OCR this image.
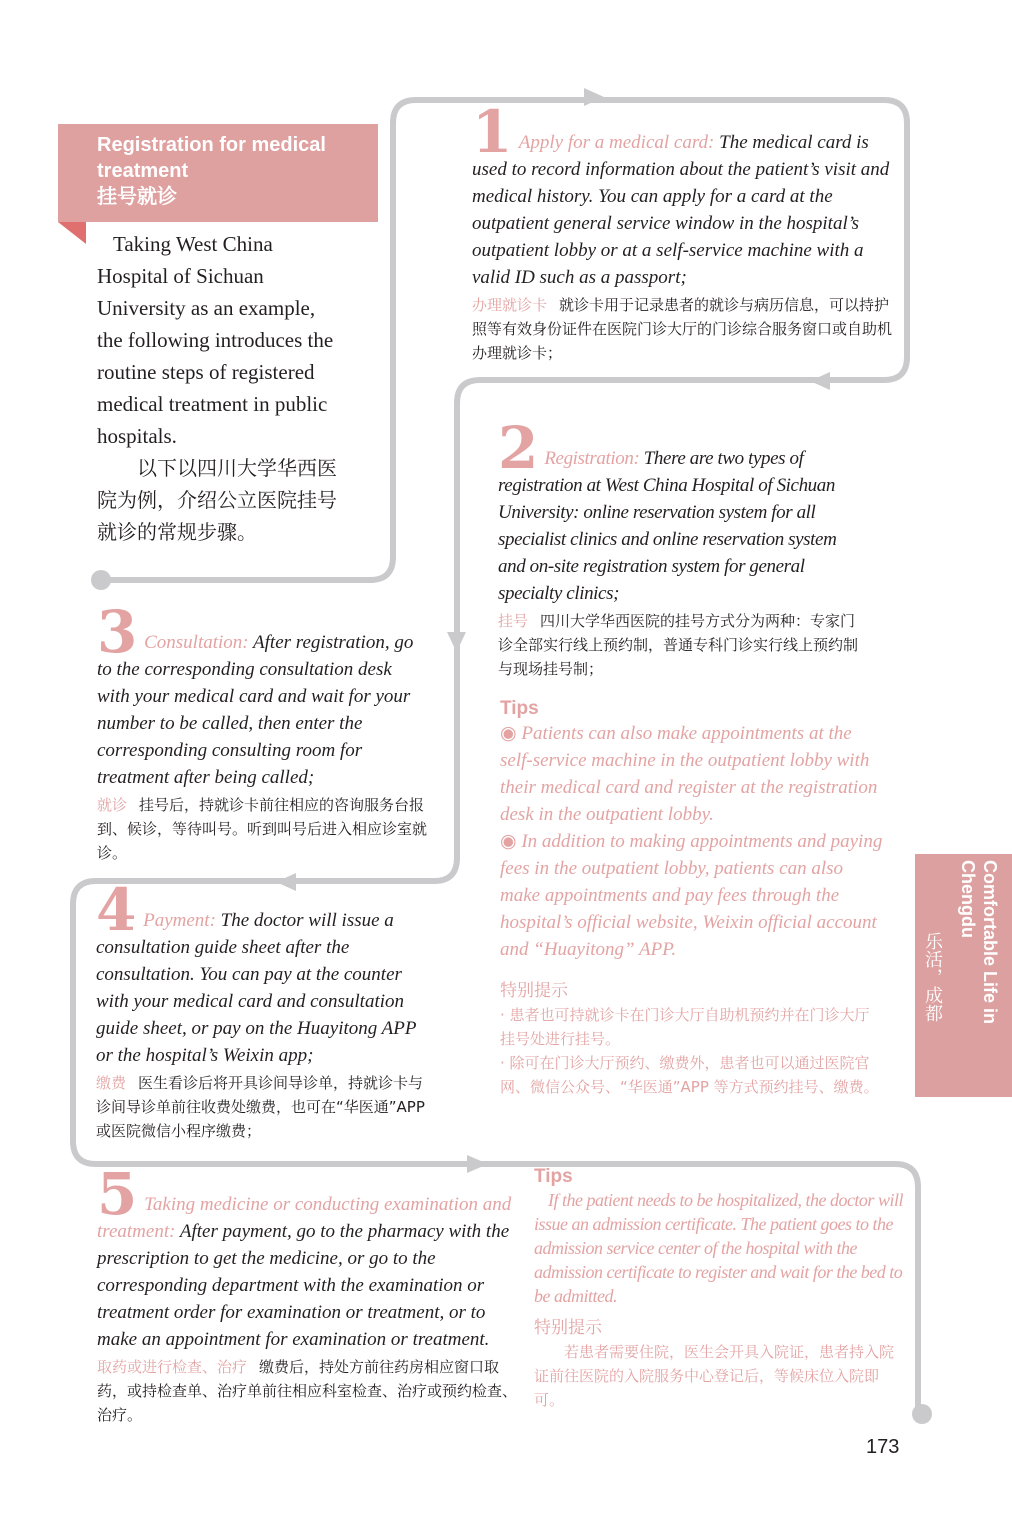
Registration for medical
treatment
挂号就诊
Taking West China
Hospital of Sichuan
University as an example,
the following introduces the
routine steps of registered
medical treatment in public
hospitals.
　　以下以四川大学华西医
院为例，介绍公立医院挂号
就诊的常规步骤。
1 Apply for a medical card: The medical card is used to record information about the patient’s visit and medical history. You can apply for a card at the outpatient general service window in the hospital’s outpatient lobby or at a self-service machine with a valid ID such as a passport;
办理就诊卡 就诊卡用于记录患者的就诊与病历信息，可以持护照等有效身份证件在医院门诊大厅的门诊综合服务窗口或自助机办理就诊卡；
2 Registration: There are two types of registration at West China Hospital of Sichuan University: online reservation system for all specialist clinics and online reservation system and on-site registration system for general specialty clinics;
挂号 四川大学华西医院的挂号方式分为两种：专家门诊全部实行线上预约制，普通专科门诊实行线上预约制与现场挂号制；
Tips
◉ Patients can also make appointments at the self-service machine in the outpatient lobby with their medical card and register at the registration desk in the outpatient lobby.
◉ In addition to making appointments and paying fees in the outpatient lobby, patients can also make appointments and pay fees through the hospital’s official website, Weixin official account and “Huayitong” APP.
特别提示
· 患者也可持就诊卡在门诊大厅自助机预约并在门诊大厅挂号处进行挂号。
· 除可在门诊大厅预约、缴费外，患者也可以通过医院官网、微信公众号、“华医通”APP 等方式预约挂号、缴费。
3 Consultation: After registration, go to the corresponding consultation desk with your medical card and wait for your number to be called, then enter the corresponding consulting room for treatment after being called;
就诊 挂号后，持就诊卡前往相应的咨询服务台报到、候诊，等待叫号。听到叫号后进入相应诊室就诊。
4 Payment: The doctor will issue a consultation guide sheet after the consultation. You can pay at the counter with your medical card and consultation guide sheet, or pay on the Huayitong APP or the hospital’s Weixin app;
缴费 医生看诊后将开具诊间导诊单，持就诊卡与诊间导诊单前往收费处缴费，也可在“华医通”APP 或医院微信小程序缴费；
5 Taking medicine or conducting examination and treatment: After payment, go to the pharmacy with the prescription to get the medicine, or go to the corresponding department with the examination or treatment order for examination or treatment, or to make an appointment for examination or treatment.
取药或进行检查、治疗 缴费后，持处方前往药房相应窗口取药，或持检查单、治疗单前往相应科室检查、治疗或预约检查、治疗。
Tips
If the patient needs to be hospitalized, the doctor will issue an admission certificate. The patient goes to the admission service center of the hospital with the admission certificate to register and wait for the bed to be admitted.
特别提示
若患者需要住院，医生会开具入院证，患者持入院证前往医院的入院服务中心登记后，等候床位入院即可。
Comfortable Life in Chengdu
乐活，成都
173
